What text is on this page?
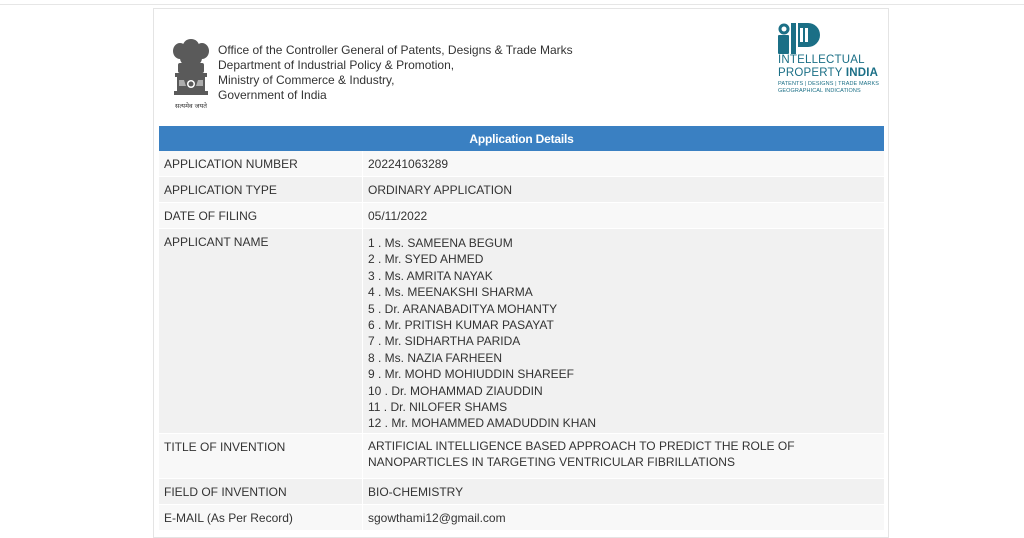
सत्यमेव जयते
Office of the Controller General of Patents, Designs & Trade Marks
Department of Industrial Policy & Promotion,
Ministry of Commerce & Industry,
Government of India
INTELLECTUAL
PROPERTY INDIA
PATENTS | DESIGNS | TRADE MARKS
GEOGRAPHICAL INDICATIONS
Application Details
APPLICATION NUMBER	202241063289
APPLICATION TYPE	ORDINARY APPLICATION
DATE OF FILING	05/11/2022
APPLICANT NAME	1 . Ms. SAMEENA BEGUM
2 . Mr. SYED AHMED
3 . Ms. AMRITA NAYAK
4 . Ms. MEENAKSHI SHARMA
5 . Dr. ARANABADITYA MOHANTY
6 . Mr. PRITISH KUMAR PASAYAT
7 . Mr. SIDHARTHA PARIDA
8 . Ms. NAZIA FARHEEN
9 . Mr. MOHD MOHIUDDIN SHAREEF
10 . Dr. MOHAMMAD ZIAUDDIN
11 . Dr. NILOFER SHAMS
12 . Mr. MOHAMMED AMADUDDIN KHAN
TITLE OF INVENTION	ARTIFICIAL INTELLIGENCE BASED APPROACH TO PREDICT THE ROLE OF NANOPARTICLES IN TARGETING VENTRICULAR FIBRILLATIONS
FIELD OF INVENTION	BIO-CHEMISTRY
E-MAIL (As Per Record)	sgowthami12@gmail.com
